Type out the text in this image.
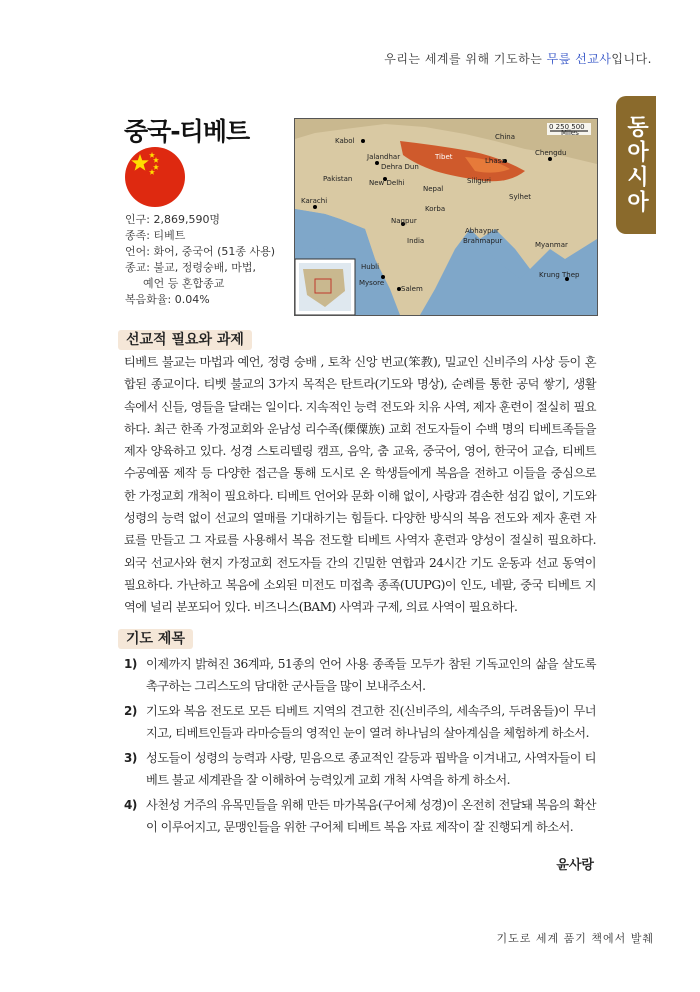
우리는 세계를 위해 기도하는 무릎 선교사입니다.
동아시아
중국-티베트
인구: 2,869,590명
종족: 티베트
언어: 화어, 중국어 (51종 사용)
종교: 불교, 정령숭배, 마법,
예언 등 혼합종교
복음화율: 0.04%
Kabol	China
Pakistan
Jalandhar
Dehra Dun
New Delhi
Nepal
Lhasa
Chengdu
Karachi
Nagpur
India
Sylhet
Myanmar
Hubli
Mysore
Salem
Krung Thep
Korba
Brahmapur
Abhaypur
Tibet
Siliguri
0 250 500
Miles
선교적 필요와 과제
티베트 불교는 마법과 예언, 정령 숭배 , 토착 신앙 번교(笨教), 밀교인 신비주의 사상 등이 혼합된 종교이다. 티벳 불교의 3가지 목적은 탄트라(기도와 명상), 순례를 통한 공덕 쌓기, 생활 속에서 신들, 영들을 달래는 일이다. 지속적인 능력 전도와 치유 사역, 제자 훈련이 절실히 필요하다. 최근 한족 가정교회와 운남성 리수족(傈僳族) 교회 전도자들이 수백 명의 티베트족들을 제자 양육하고 있다. 성경 스토리텔링 캠프, 음악, 춤 교육, 중국어, 영어, 한국어 교습, 티베트 수공예품 제작 등 다양한 접근을 통해 도시로 온 학생들에게 복음을 전하고 이들을 중심으로 한 가정교회 개척이 필요하다. 티베트 언어와 문화 이해 없이, 사랑과 겸손한 섬김 없이, 기도와 성령의 능력 없이 선교의 열매를 기대하기는 힘들다. 다양한 방식의 복음 전도와 제자 훈련 자료를 만들고 그 자료를 사용해서 복음 전도할 티베트 사역자 훈련과 양성이 절실히 필요하다. 외국 선교사와 현지 가정교회 전도자들 간의 긴밀한 연합과 24시간 기도 운동과 선교 동역이 필요하다. 가난하고 복음에 소외된 미전도 미접촉 종족(UUPG)이 인도, 네팔, 중국 티베트 지역에 널리 분포되어 있다. 비즈니스(BAM) 사역과 구제, 의료 사역이 필요하다.
기도 제목
1) 이제까지 밝혀진 36계파, 51종의 언어 사용 종족들 모두가 참된 기독교인의 삶을 살도록 촉구하는 그리스도의 담대한 군사들을 많이 보내주소서.
2) 기도와 복음 전도로 모든 티베트 지역의 견고한 진(신비주의, 세속주의, 두려움들)이 무너지고, 티베트인들과 라마승들의 영적인 눈이 열려 하나님의 살아계심을 체험하게 하소서.
3) 성도들이 성령의 능력과 사랑, 믿음으로 종교적인 갈등과 핍박을 이겨내고, 사역자들이 티베트 불교 세계관을 잘 이해하여 능력있게 교회 개척 사역을 하게 하소서.
4) 사천성 거주의 유목민들을 위해 만든 마가복음(구어체 성경)이 온전히 전달돼 복음의 확산이 이루어지고, 문맹인들을 위한 구어체 티베트 복음 자료 제작이 잘 진행되게 하소서.
윤사랑
기도로 세계 품기 책에서 발췌
